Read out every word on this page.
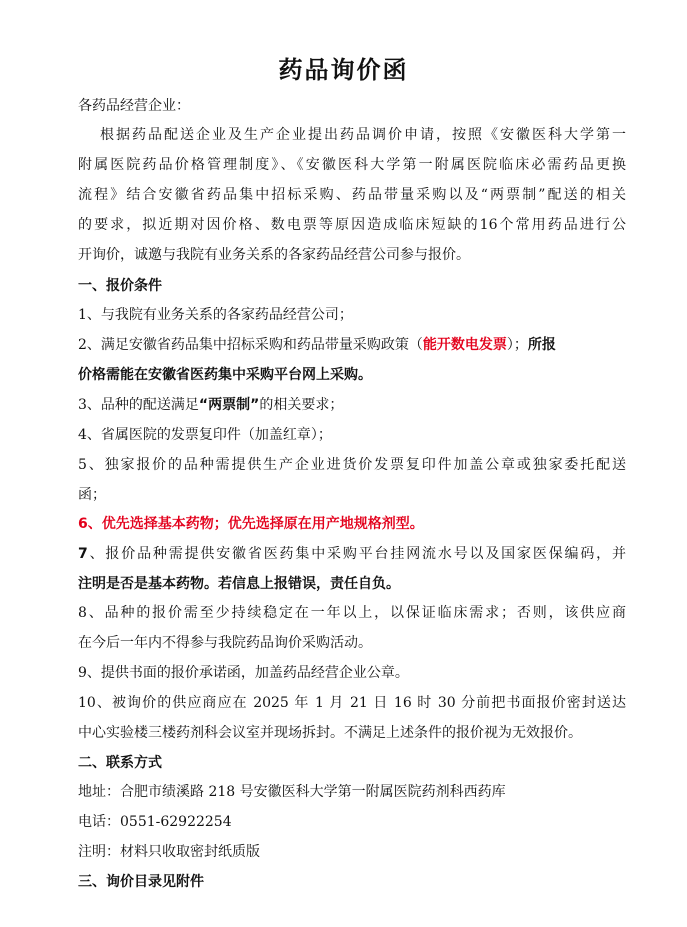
药品询价函
各药品经营企业：
根据药品配送企业及生产企业提出药品调价申请，按照《安徽医科大学第一
附属医院药品价格管理制度》、《安徽医科大学第一附属医院临床必需药品更换
流程》结合安徽省药品集中招标采购、药品带量采购以及“两票制”配送的相关
的要求，拟近期对因价格、数电票等原因造成临床短缺的16个常用药品进行公
开询价，诚邀与我院有业务关系的各家药品经营公司参与报价。
一、报价条件
1、与我院有业务关系的各家药品经营公司；
2、满足安徽省药品集中招标采购和药品带量采购政策（能开数电发票）；所报
价格需能在安徽省医药集中采购平台网上采购。
3、品种的配送满足“两票制”的相关要求；
4、省属医院的发票复印件（加盖红章）；
5、独家报价的品种需提供生产企业进货价发票复印件加盖公章或独家委托配送
函；
6、优先选择基本药物；优先选择原在用产地规格剂型。
7、报价品种需提供安徽省医药集中采购平台挂网流水号以及国家医保编码，并
注明是否是基本药物。若信息上报错误，责任自负。
8、品种的报价需至少持续稳定在一年以上，以保证临床需求；否则，该供应商
在今后一年内不得参与我院药品询价采购活动。
9、提供书面的报价承诺函，加盖药品经营企业公章。
10、被询价的供应商应在 2025 年 1 月 21 日 16 时 30 分前把书面报价密封送达
中心实验楼三楼药剂科会议室并现场拆封。不满足上述条件的报价视为无效报价。
二、联系方式
地址：合肥市绩溪路 218 号安徽医科大学第一附属医院药剂科西药库
电话：0551-62922254
注明：材料只收取密封纸质版
三、询价目录见附件
